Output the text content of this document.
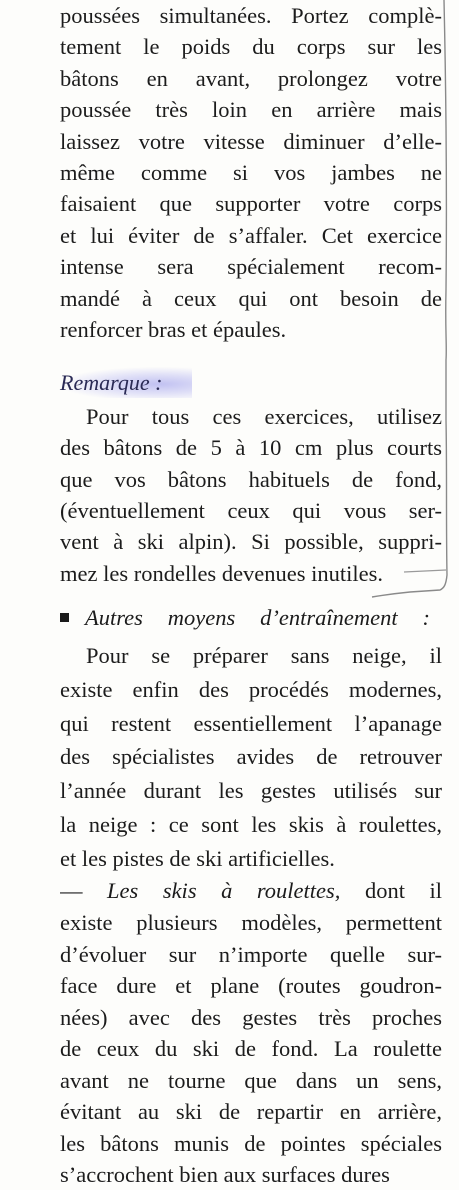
poussées simultanées. Portez complè-
tement le poids du corps sur les
bâtons en avant, prolongez votre
poussée très loin en arrière mais
laissez votre vitesse diminuer d’elle-
même comme si vos jambes ne
faisaient que supporter votre corps
et lui éviter de s’affaler. Cet exercice
intense sera spécialement recom-
mandé à ceux qui ont besoin de
renforcer bras et épaules.
Remarque :
Pour tous ces exercices, utilisez
des bâtons de 5 à 10 cm plus courts
que vos bâtons habituels de fond,
(éventuellement ceux qui vous ser-
vent à ski alpin). Si possible, suppri-
mez les rondelles devenues inutiles.
Autres moyens d’entraînement :
Pour se préparer sans neige, il
existe enfin des procédés modernes,
qui restent essentiellement l’apanage
des spécialistes avides de retrouver
l’année durant les gestes utilisés sur
la neige : ce sont les skis à roulettes,
et les pistes de ski artificielles.
— Les skis à roulettes, dont il
existe plusieurs modèles, permettent
d’évoluer sur n’importe quelle sur-
face dure et plane (routes goudron-
nées) avec des gestes très proches
de ceux du ski de fond. La roulette
avant ne tourne que dans un sens,
évitant au ski de repartir en arrière,
les bâtons munis de pointes spéciales
s’accrochent bien aux surfaces dures
